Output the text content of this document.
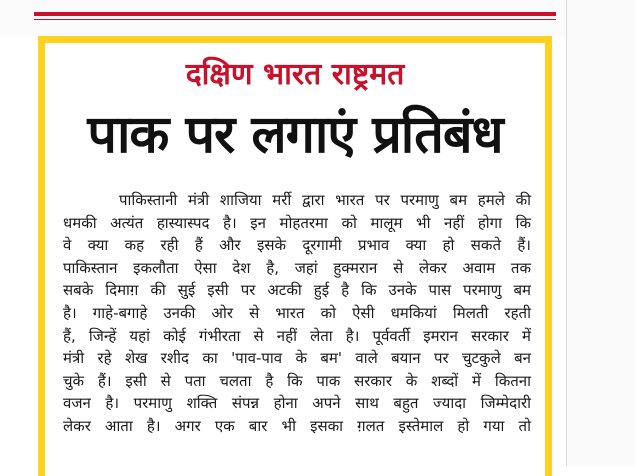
दक्षिण भारत राष्ट्रमत
पाक पर लगाएं प्रतिबंध
पाकिस्तानी मंत्री शाजिया मर्री द्वारा भारत पर परमाणु बम हमले की
धमकी अत्यंत हास्यास्पद है। इन मोहतरमा को मालूम भी नहीं होगा कि
वे क्या कह रही हैं और इसके दूरगामी प्रभाव क्या हो सकते हैं।
पाकिस्तान इकलौता ऐसा देश है, जहां हुक्मरान से लेकर अवाम तक
सबके दिमाग़ की सुई इसी पर अटकी हुई है कि उनके पास परमाणु बम
है। गाहे-बगाहे उनकी ओर से भारत को ऐसी धमकियां मिलती रहती
हैं, जिन्हें यहां कोई गंभीरता से नहीं लेता है। पूर्ववर्ती इमरान सरकार में
मंत्री रहे शेख रशीद का 'पाव-पाव के बम' वाले बयान पर चुटकुले बन
चुके हैं। इसी से पता चलता है कि पाक सरकार के शब्दों में कितना
वजन है। परमाणु शक्ति संपन्न होना अपने साथ बहुत ज्यादा जिम्मेदारी
लेकर आता है। अगर एक बार भी इसका ग़लत इस्तेमाल हो गया तो
